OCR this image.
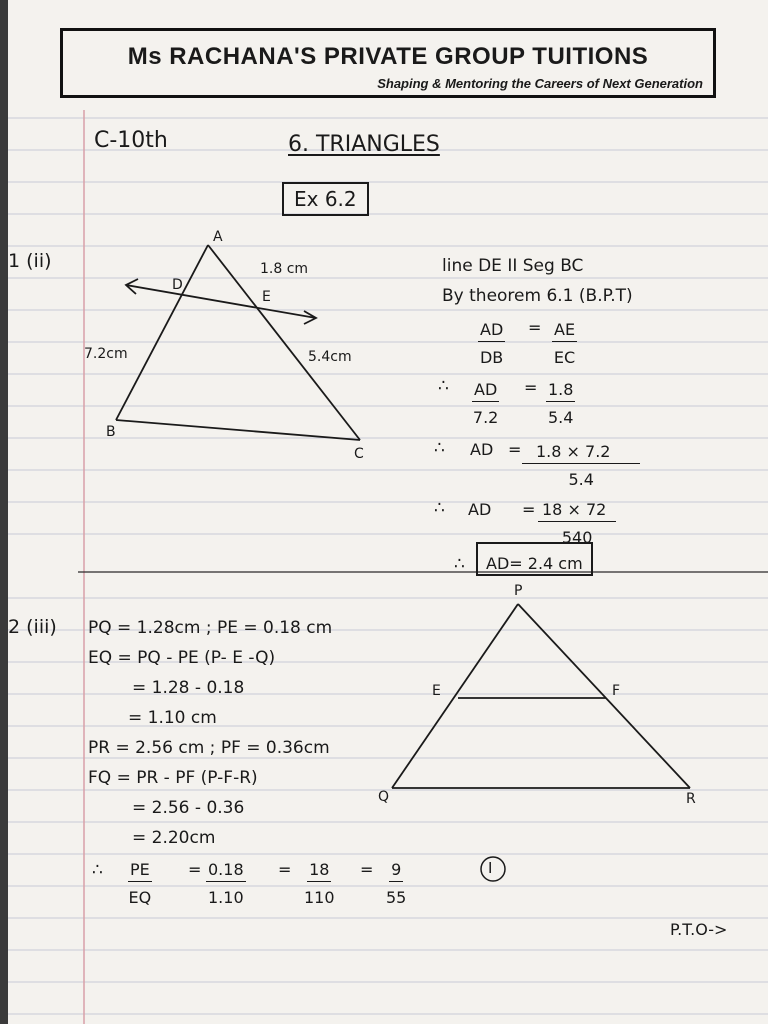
Ms RACHANA'S PRIVATE GROUP TUITIONS
Shaping & Mentoring the Careers of Next Generation
C-10th	6. TRIANGLES
Ex 6.2
1 (ii)
A
D
E
B
C
1.8 cm
7.2cm	5.4cm
line DE II Seg BC
By theorem 6.1 (B.P.T)
$\frac{AD}{DB} = \frac{AE}{EC}$
∴ $\frac{AD}{7.2} = \frac{1.8}{5.4}$
∴ AD = $\frac{1.8 \times 7.2}{5.4}$
∴ AD = $\frac{18 \times 72}{540}$
∴	AD= 2.4 cm
2 (iii) PQ = 1.28cm ; PE = 0.18 cm
EQ = PQ - PE (P- E -Q)
= 1.28 - 0.18
= 1.10 cm
PR = 2.56 cm ; PF = 0.36cm
FQ = PR - PF (P-F-R)
= 2.56 - 0.36
= 2.20cm
P
E	F
Q	R
∴ $\frac{PE}{EQ} = \frac{0.18}{1.10} = \frac{18}{110} = \frac{9}{55}$	I
P.T.O->
